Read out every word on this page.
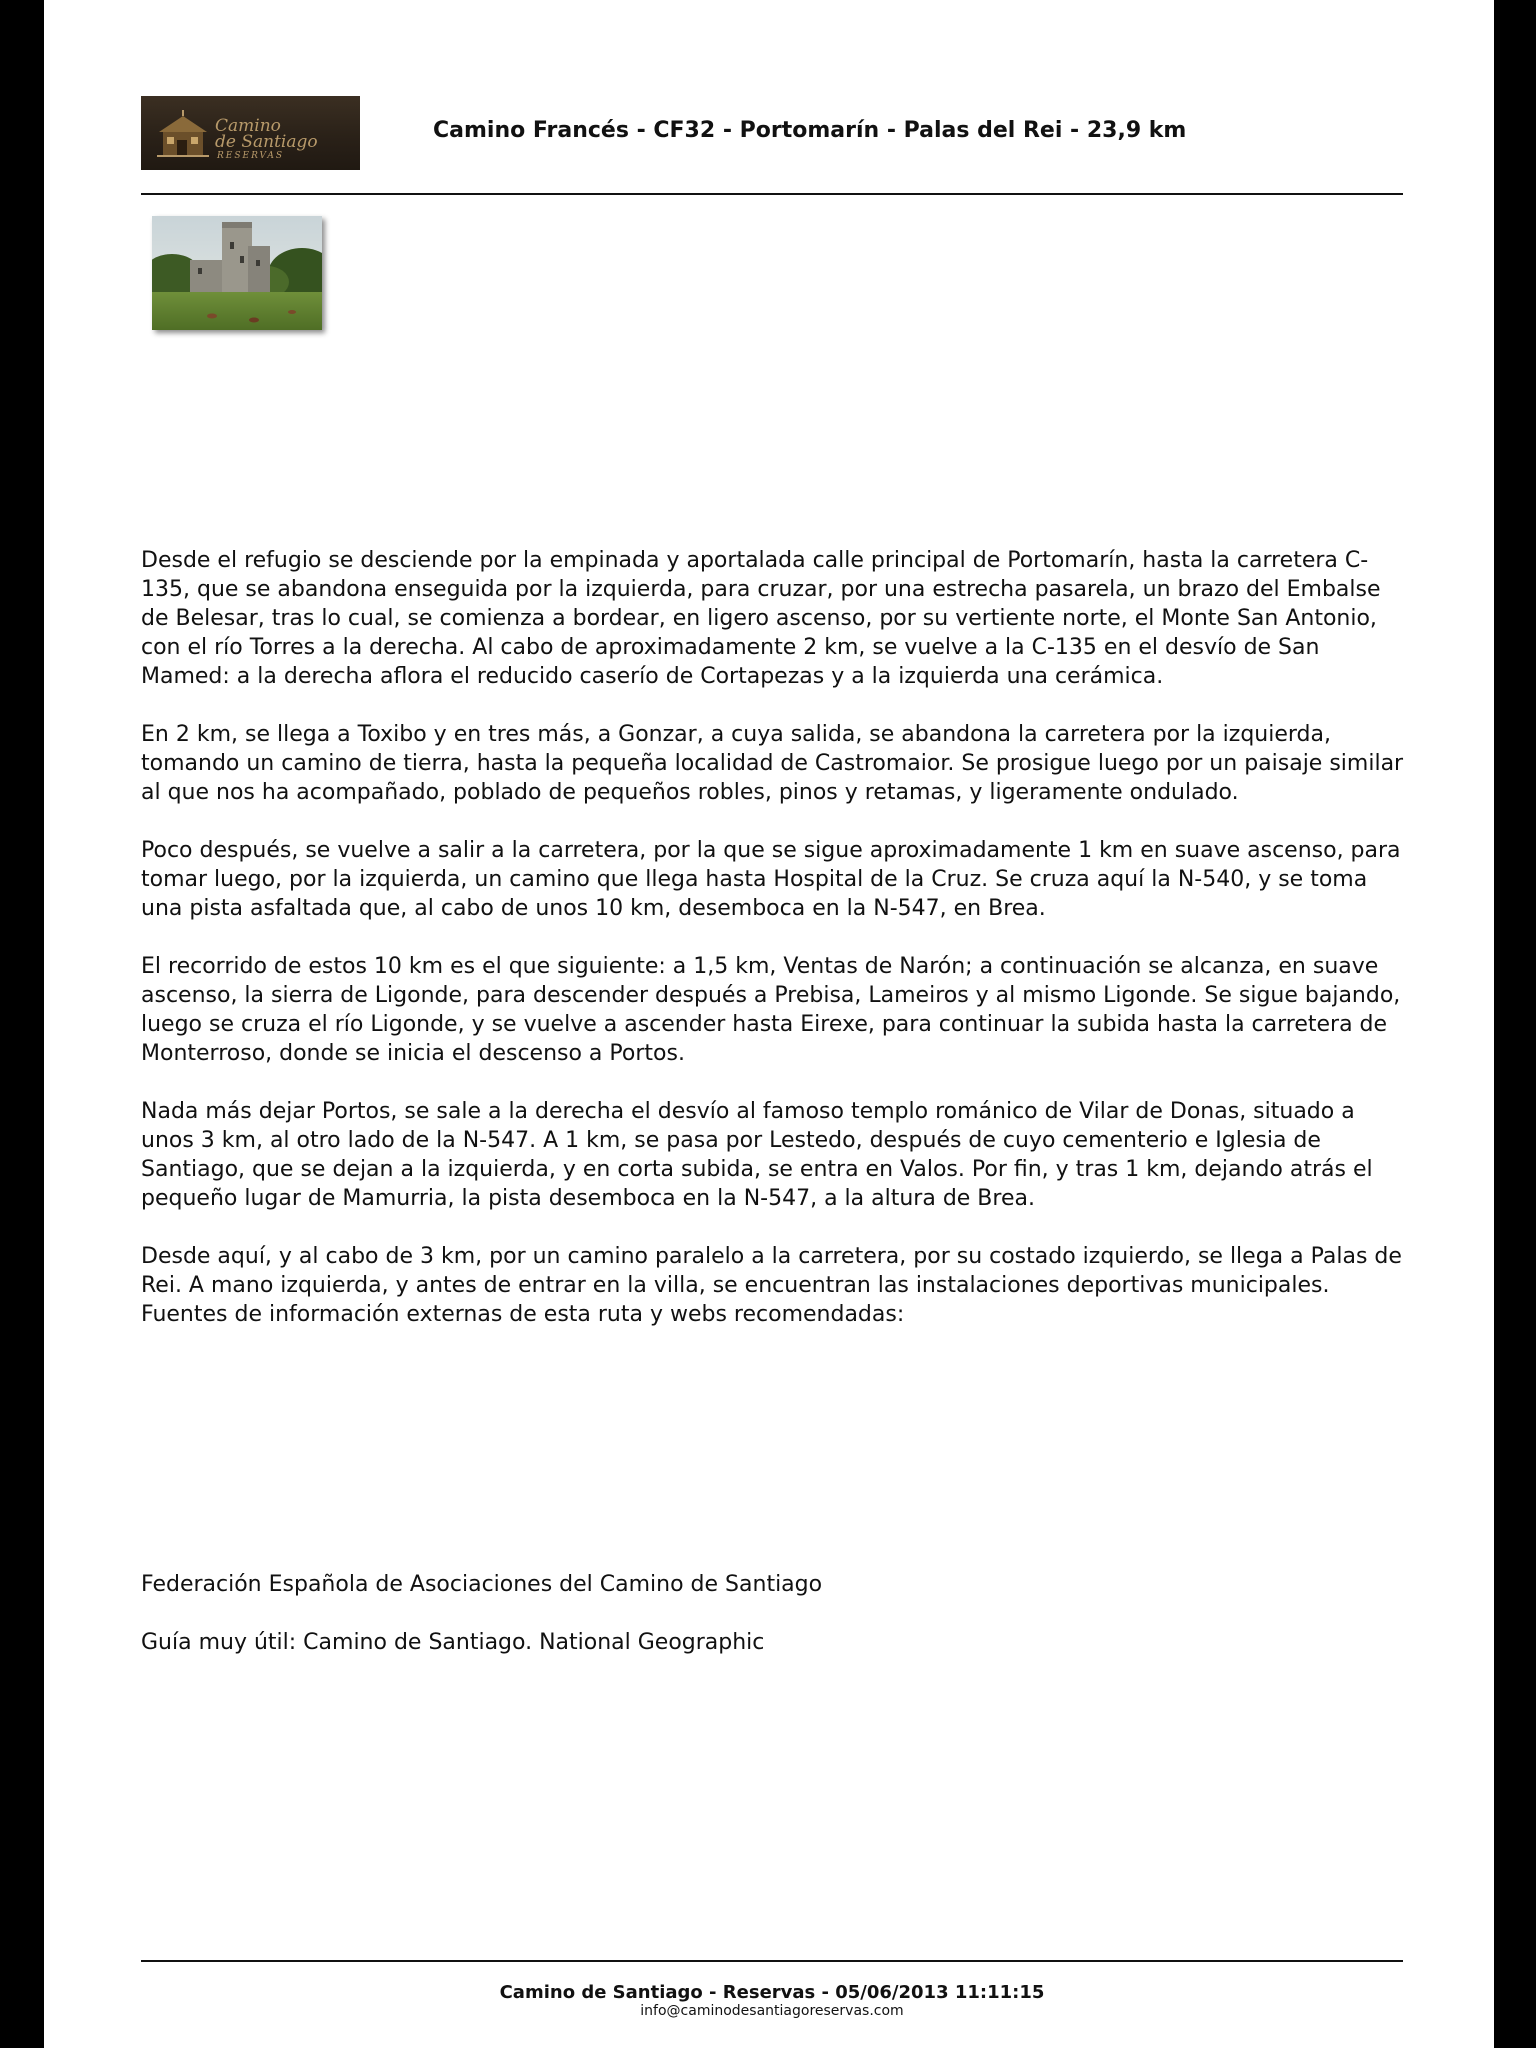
Camino
de Santiago
RESERVAS
Camino Francés - CF32 - Portomarín - Palas del Rei - 23,9 km

Desde el refugio se desciende por la empinada y aportalada calle principal de Portomarín, hasta la carretera C-135, que se abandona enseguida por la izquierda, para cruzar, por una estrecha pasarela, un brazo del Embalse de Belesar, tras lo cual, se comienza a bordear, en ligero ascenso, por su vertiente norte, el Monte San Antonio, con el río Torres a la derecha. Al cabo de aproximadamente 2 km, se vuelve a la C-135 en el desvío de San Mamed: a la derecha aflora el reducido caserío de Cortapezas y a la izquierda una cerámica.

En 2 km, se llega a Toxibo y en tres más, a Gonzar, a cuya salida, se abandona la carretera por la izquierda, tomando un camino de tierra, hasta la pequeña localidad de Castromaior. Se prosigue luego por un paisaje similar al que nos ha acompañado, poblado de pequeños robles, pinos y retamas, y ligeramente ondulado.

Poco después, se vuelve a salir a la carretera, por la que se sigue aproximadamente 1 km en suave ascenso, para tomar luego, por la izquierda, un camino que llega hasta Hospital de la Cruz. Se cruza aquí la N-540, y se toma una pista asfaltada que, al cabo de unos 10 km, desemboca en la N-547, en Brea.

El recorrido de estos 10 km es el que siguiente: a 1,5 km, Ventas de Narón; a continuación se alcanza, en suave ascenso, la sierra de Ligonde, para descender después a Prebisa, Lameiros y al mismo Ligonde. Se sigue bajando, luego se cruza el río Ligonde, y se vuelve a ascender hasta Eirexe, para continuar la subida hasta la carretera de Monterroso, donde se inicia el descenso a Portos.

Nada más dejar Portos, se sale a la derecha el desvío al famoso templo románico de Vilar de Donas, situado a unos 3 km, al otro lado de la N-547. A 1 km, se pasa por Lestedo, después de cuyo cementerio e Iglesia de Santiago, que se dejan a la izquierda, y en corta subida, se entra en Valos. Por fin, y tras 1 km, dejando atrás el pequeño lugar de Mamurria, la pista desemboca en la N-547, a la altura de Brea.

Desde aquí, y al cabo de 3 km, por un camino paralelo a la carretera, por su costado izquierdo, se llega a Palas de Rei. A mano izquierda, y antes de entrar en la villa, se encuentran las instalaciones deportivas municipales.

Fuentes de información externas de esta ruta y webs recomendadas:

Federación Española de Asociaciones del Camino de Santiago
Guía muy útil: Camino de Santiago. National Geographic
Camino de Santiago - Reservas - 05/06/2013 11:11:15
info@caminodesantiagoreservas.com
